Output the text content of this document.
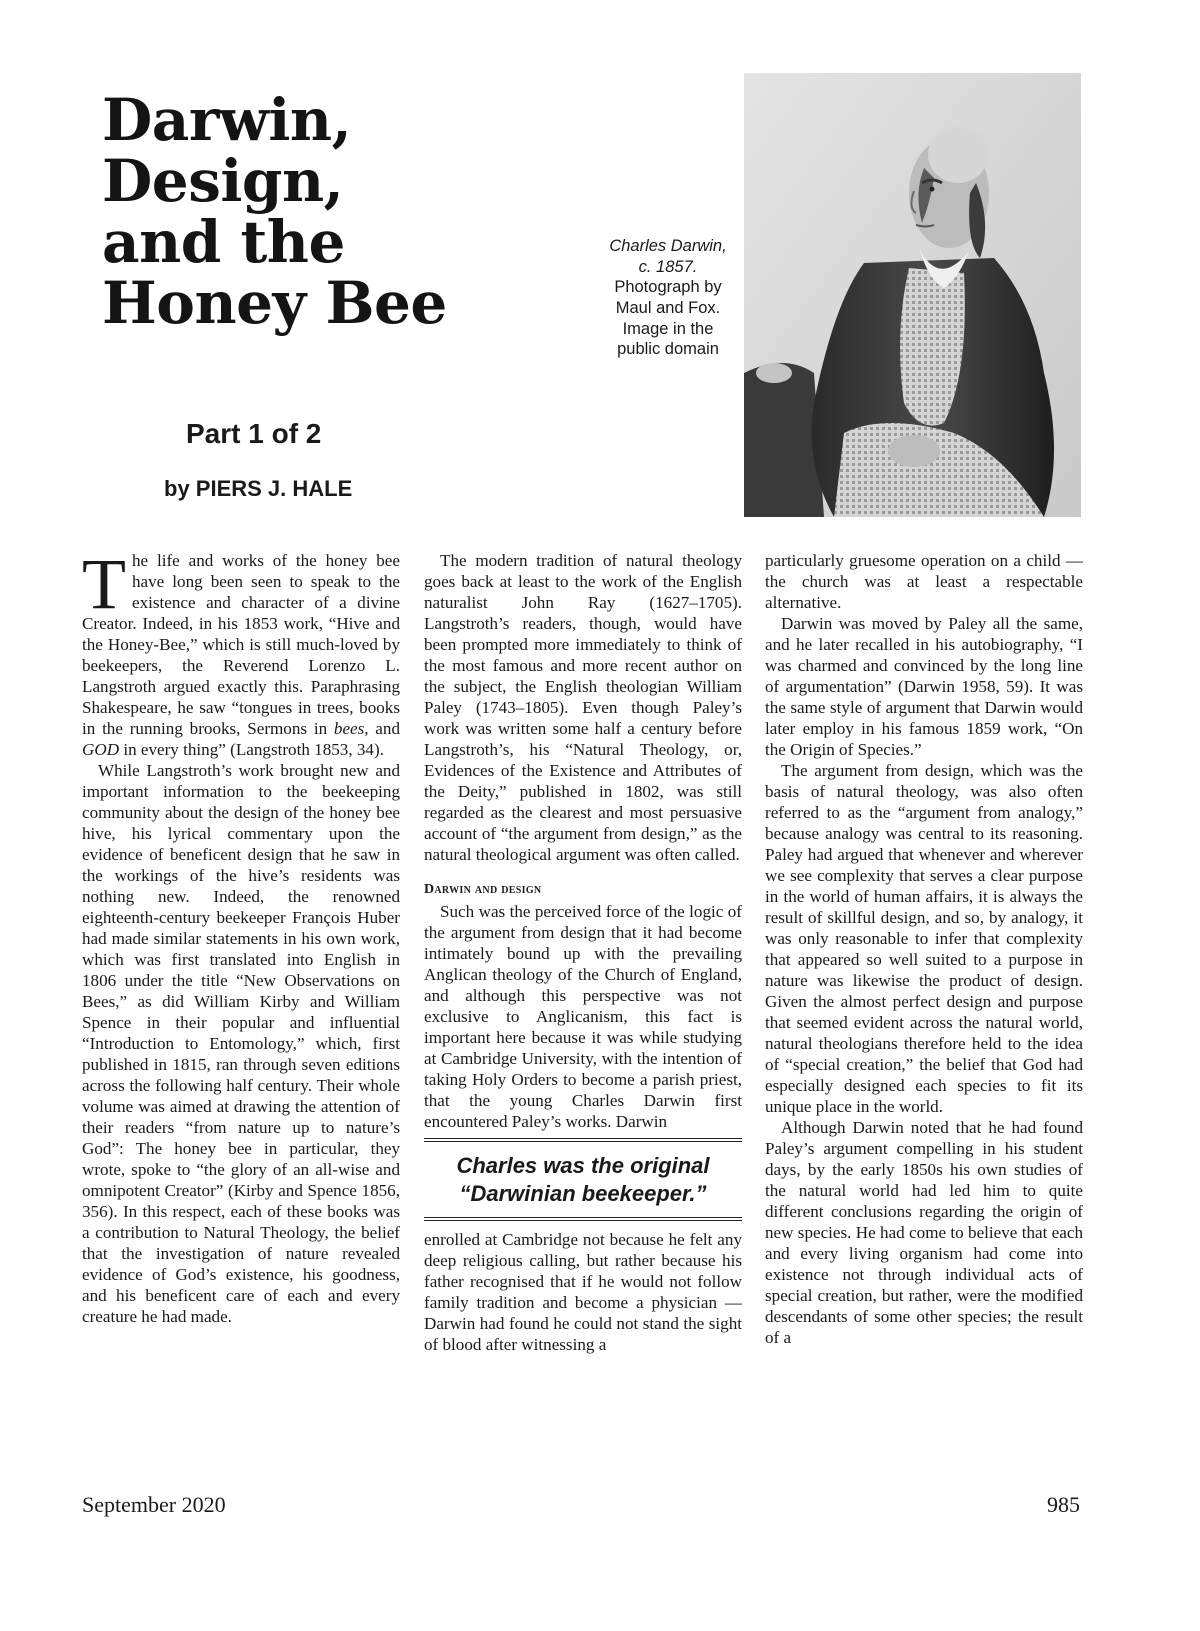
Darwin,
Design,
and the
Honey Bee
Part 1 of 2
by PIERS J. HALE
Charles Darwin,
c. 1857.
Photograph by
Maul and Fox.
Image in the
public domain

The life and works of the honey bee have long been seen to speak to the existence and character of a divine Creator. Indeed, in his 1853 work, “Hive and the Honey-Bee,” which is still much-loved by beekeepers, the Reverend Lorenzo L. Langstroth argued exactly this. Paraphrasing Shakespeare, he saw “tongues in trees, books in the running brooks, Sermons in bees, and GOD in every thing” (Langstroth 1853, 34).

While Langstroth’s work brought new and important information to the beekeeping community about the design of the honey bee hive, his lyrical commentary upon the evidence of beneficent design that he saw in the workings of the hive’s residents was nothing new. Indeed, the renowned eighteenth-century beekeeper François Huber had made similar statements in his own work, which was first translated into English in 1806 under the title “New Observations on Bees,” as did William Kirby and William Spence in their popular and influential “Introduction to Entomology,” which, first published in 1815, ran through seven editions across the following half century. Their whole volume was aimed at drawing the attention of their readers “from nature up to nature’s God”: The honey bee in particular, they wrote, spoke to “the glory of an all-wise and omnipotent Creator” (Kirby and Spence 1856, 356). In this respect, each of these books was a contribution to Natural Theology, the belief that the investigation of nature revealed evidence of God’s existence, his goodness, and his beneficent care of each and every creature he had made.

The modern tradition of natural theology goes back at least to the work of the English naturalist John Ray (1627–1705). Langstroth’s readers, though, would have been prompted more immediately to think of the most famous and more recent author on the subject, the English theologian William Paley (1743–1805). Even though Paley’s work was written some half a century before Langstroth’s, his “Natural Theology, or, Evidences of the Existence and Attributes of the Deity,” published in 1802, was still regarded as the clearest and most persuasive account of “the argument from design,” as the natural theological argument was often called.

Darwin and design

Such was the perceived force of the logic of the argument from design that it had become intimately bound up with the prevailing Anglican theology of the Church of England, and although this perspective was not exclusive to Anglicanism, this fact is important here because it was while studying at Cambridge University, with the intention of taking Holy Orders to become a parish priest, that the young Charles Darwin first encountered Paley’s works. Darwin

Charles was the original
“Darwinian beekeeper.”

enrolled at Cambridge not because he felt any deep religious calling, but rather because his father recognised that if he would not follow family tradition and become a physician — Darwin had found he could not stand the sight of blood after witnessing a

particularly gruesome operation on a child — the church was at least a respectable alternative.

Darwin was moved by Paley all the same, and he later recalled in his autobiography, “I was charmed and convinced by the long line of argumentation” (Darwin 1958, 59). It was the same style of argument that Darwin would later employ in his famous 1859 work, “On the Origin of Species.”

The argument from design, which was the basis of natural theology, was also often referred to as the “argument from analogy,” because analogy was central to its reasoning. Paley had argued that whenever and wherever we see complexity that serves a clear purpose in the world of human affairs, it is always the result of skillful design, and so, by analogy, it was only reasonable to infer that complexity that appeared so well suited to a purpose in nature was likewise the product of design. Given the almost perfect design and purpose that seemed evident across the natural world, natural theologians therefore held to the idea of “special creation,” the belief that God had especially designed each species to fit its unique place in the world.

Although Darwin noted that he had found Paley’s argument compelling in his student days, by the early 1850s his own studies of the natural world had led him to quite different conclusions regarding the origin of new species. He had come to believe that each and every living organism had come into existence not through individual acts of special creation, but rather, were the modified descendants of some other species; the result of a

September 2020	985
